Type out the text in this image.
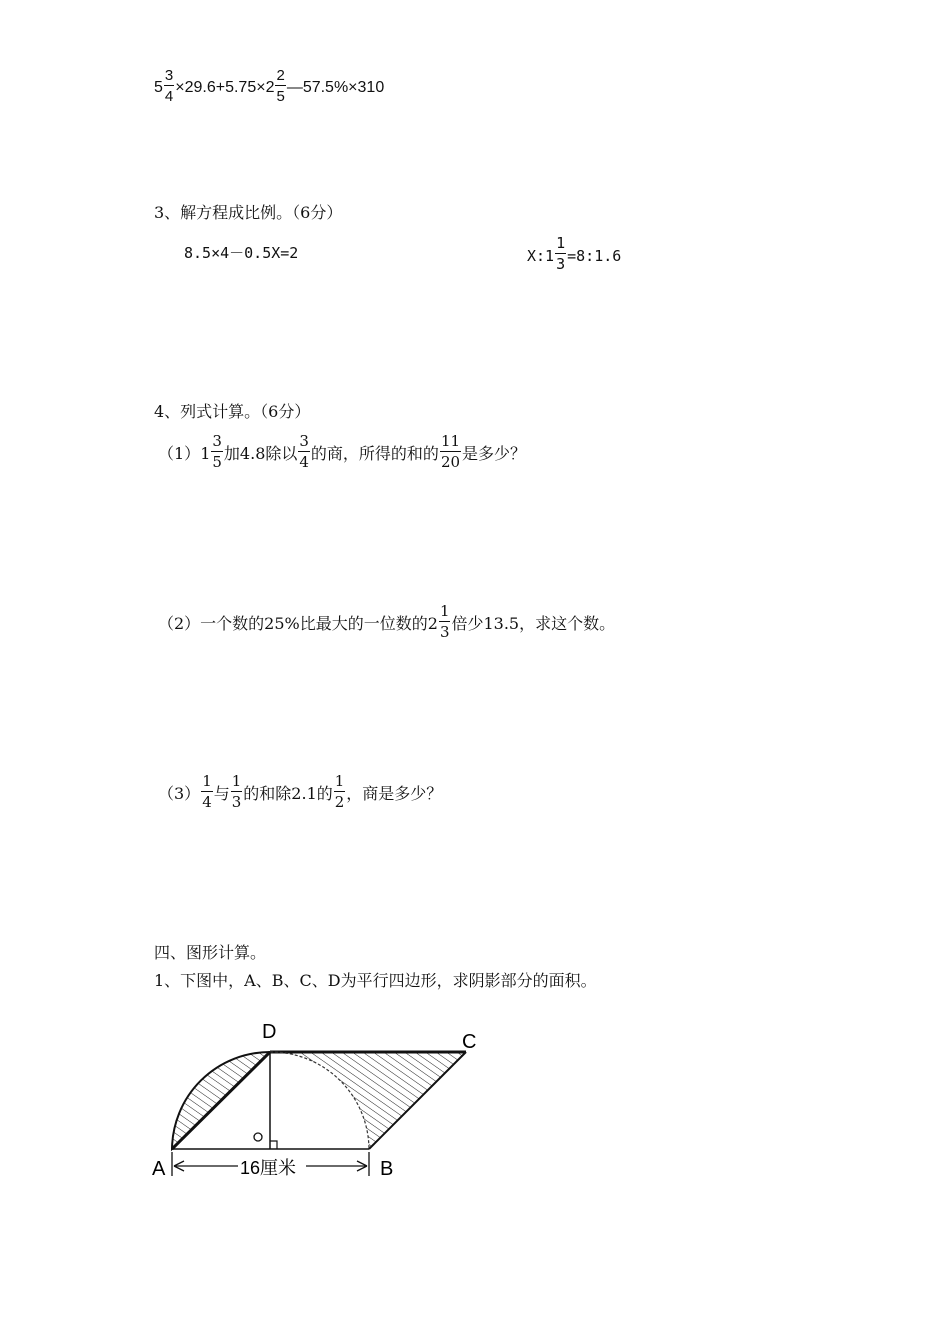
$5 \frac{3}{4} \times 29.6+5.75\times 2 \frac{2}{5}$ —57.5%×310
3、解方程成比例。（6分）
8.5×4－0.5X=2	X:1 $\frac{1}{3}$ =8:1.6
4、列式计算。（6分）
$(1)1 \frac{3}{5}$ 加4.8除以 $\frac{3}{4}$ 的商，所得的和的 $\frac{11}{20}$ 是多少？
（2）一个数的25%比最大的一位数的$2 \frac{1}{3}$ 倍少13.5，求这个数。
$(3) \frac{1}{4}$ 与 $\frac{1}{3}$ 的和除2.1的 $\frac{1}{2}$ ，商是多少？
四、图形计算。
1、下图中，A、B、C、D为平行四边形，求阴影部分的面积。
D	C
A	B
16厘米
